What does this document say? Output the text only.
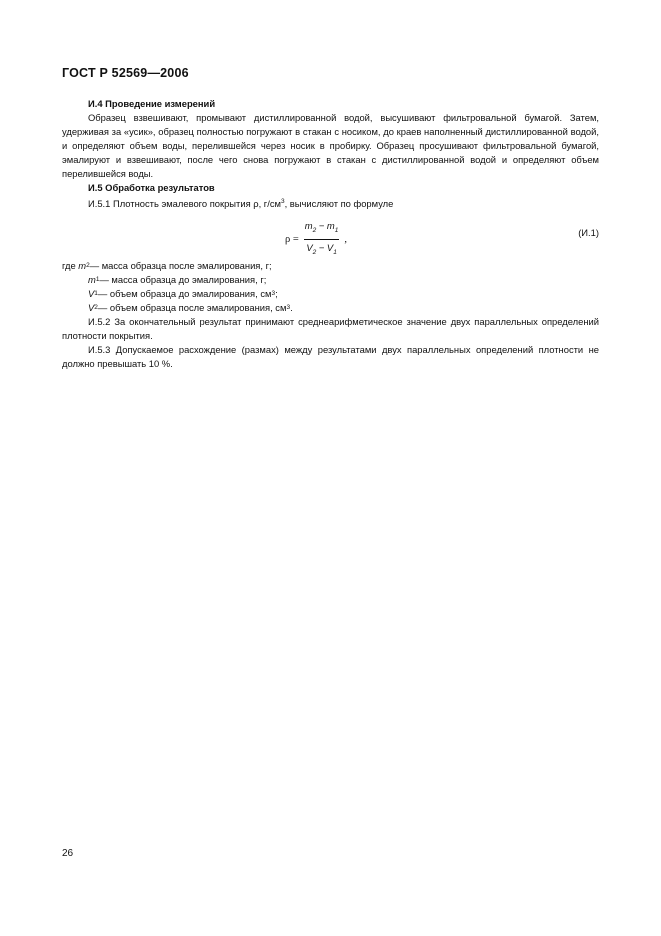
ГОСТ Р 52569—2006
И.4 Проведение измерений

Образец взвешивают, промывают дистиллированной водой, высушивают фильтровальной бумагой. Затем, удерживая за «усик», образец полностью погружают в стакан с носиком, до краев наполненный дистиллированной водой, и определяют объем воды, перелившейся через носик в пробирку. Образец просушивают фильтровальной бумагой, эмалируют и взвешивают, после чего снова погружают в стакан с дистиллированной водой и определяют объем перелившейся воды.

И.5 Обработка результатов

И.5.1 Плотность эмалевого покрытия ρ, $г/см^3$, вычисляют по формуле

$\rho = \frac{m_2 - m_1}{V_2 - V_1}$ ,
(И.1)
где
m 2 — масса образца после эмалирования, г;
m 1 — масса образца до эмалирования, г;
V 1 — объем образца до эмалирования, см 3 ;
V 2 — объем образца после эмалирования, см 3 .

И.5.2 За окончательный результат принимают среднеарифметическое значение двух параллельных определений плотности покрытия.

И.5.3 Допускаемое расхождение (размах) между результатами двух параллельных определений плотности не должно превышать 10 %.

26
